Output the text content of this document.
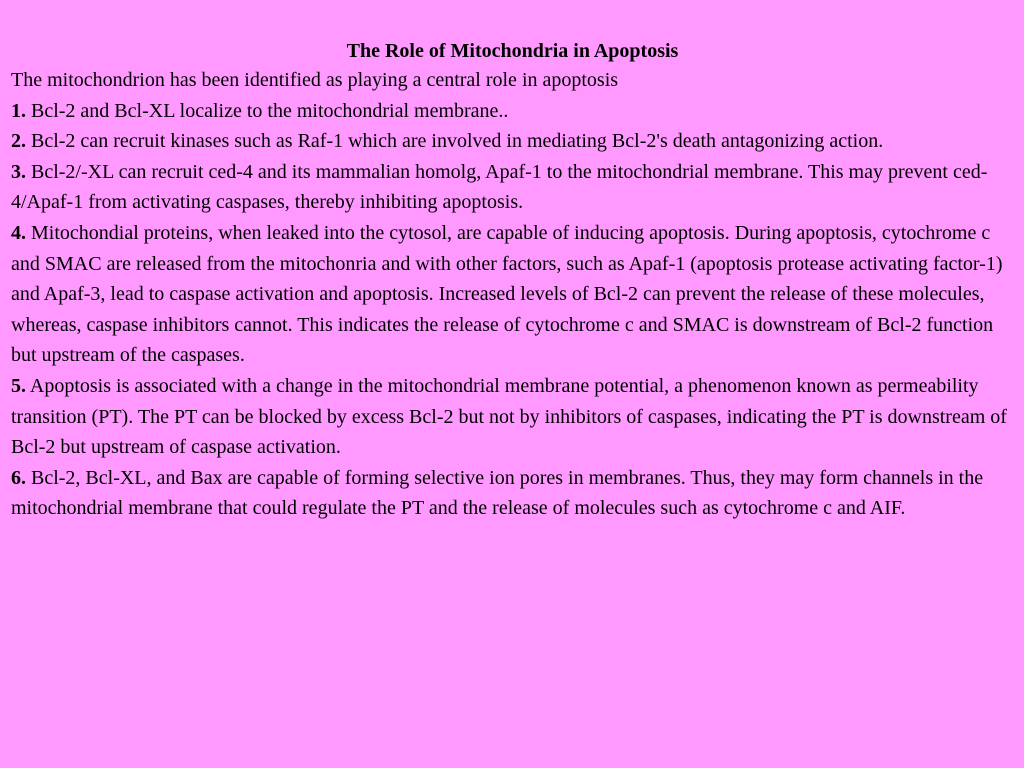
The Role of Mitochondria in Apoptosis

The mitochondrion has been identified as playing a central role in apoptosis
1. Bcl-2 and Bcl-XL localize to the mitochondrial membrane..
2. Bcl-2 can recruit kinases such as Raf-1 which are involved in mediating Bcl-2's death antagonizing action.
3. Bcl-2/-XL can recruit ced-4 and its mammalian homolg, Apaf-1 to the mitochondrial membrane. This may prevent ced-4/Apaf-1 from activating caspases, thereby inhibiting apoptosis.
4. Mitochondial proteins, when leaked into the cytosol, are capable of inducing apoptosis. During apoptosis, cytochrome c and SMAC are released from the mitochonria and with other factors, such as Apaf-1 (apoptosis protease activating factor-1) and Apaf-3, lead to caspase activation and apoptosis. Increased levels of Bcl-2 can prevent the release of these molecules, whereas, caspase inhibitors cannot. This indicates the release of cytochrome c and SMAC is downstream of Bcl-2 function but upstream of the caspases.
5. Apoptosis is associated with a change in the mitochondrial membrane potential, a phenomenon known as permeability transition (PT). The PT can be blocked by excess Bcl-2 but not by inhibitors of caspases, indicating the PT is downstream of Bcl-2 but upstream of caspase activation.
6. Bcl-2, Bcl-XL, and Bax are capable of forming selective ion pores in membranes. Thus, they may form channels in the mitochondrial membrane that could regulate the PT and the release of molecules such as cytochrome c and AIF.
